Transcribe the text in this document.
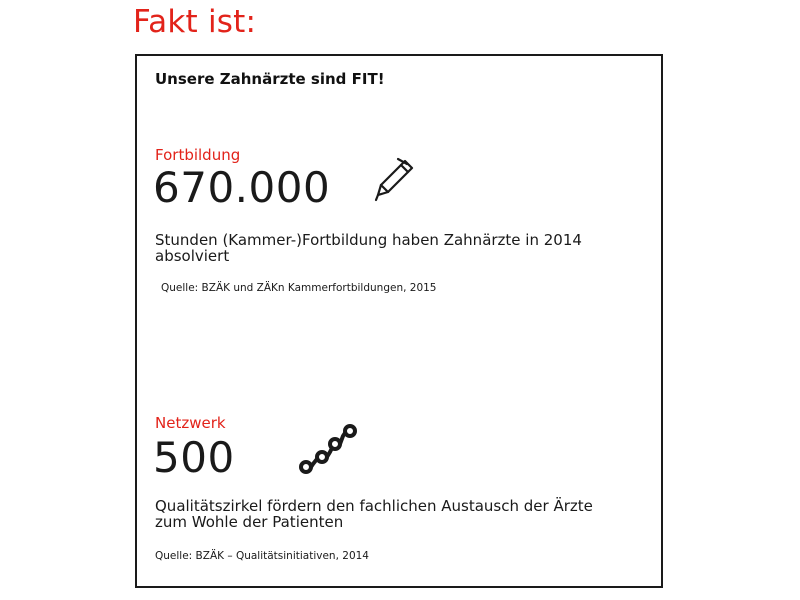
Fakt ist:
Unsere Zahnärzte sind FIT!
Fortbildung
670.000
Stunden (Kammer-)Fortbildung haben Zahnärzte in 2014
absolviert
Quelle: BZÄK und ZÄKn Kammerfortbildungen, 2015
Netzwerk
500
Qualitätszirkel fördern den fachlichen Austausch der Ärzte
zum Wohle der Patienten
Quelle: BZÄK – Qualitätsinitiativen, 2014
